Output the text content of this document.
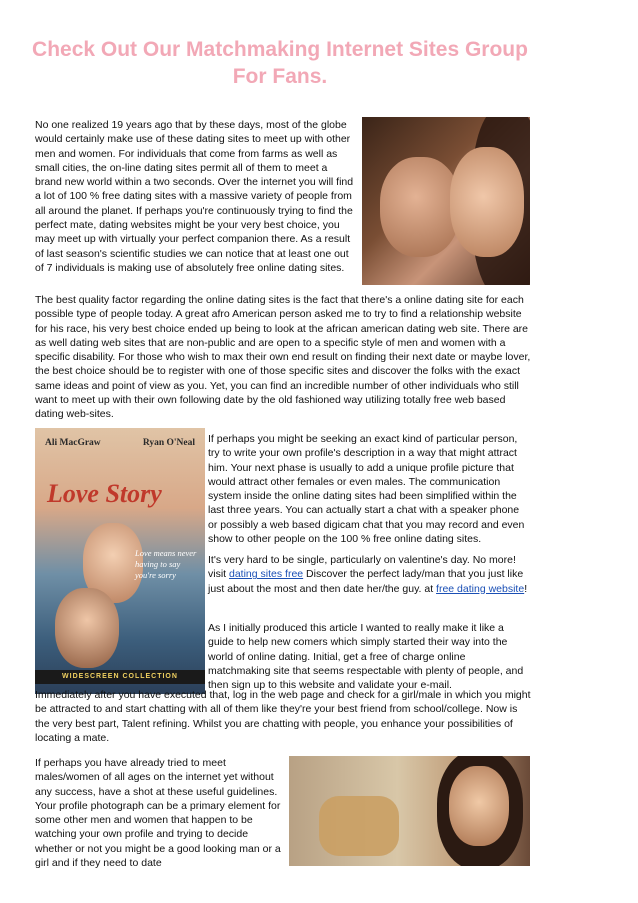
Check Out Our Matchmaking Internet Sites Group For Fans.

No one realized 19 years ago that by these days, most of the globe would certainly make use of these dating sites to meet up with other men and women. For individuals that come from farms as well as small cities, the on-line dating sites permit all of them to meet a brand new world within a two seconds. Over the internet you will find a lot of 100 % free dating sites with a massive variety of people from all around the planet. If perhaps you're continuously trying to find the perfect mate, dating websites might be your very best choice, you may meet up with virtually your perfect companion there. As a result of last season's scientific studies we can notice that at least one out of 7 individuals is making use of absolutely free online dating sites.

The best quality factor regarding the online dating sites is the fact that there's a online dating site for each possible type of people today. A great afro American person asked me to try to find a relationship website for his race, his very best choice ended up being to look at the african american dating web site. There are as well dating web sites that are non-public and are open to a specific style of men and women with a specific disability. For those who wish to max their own end result on finding their next date or maybe lover, the best choice should be to register with one of those specific sites and discover the folks with the exact same ideas and point of view as you. Yet, you can find an incredible number of other individuals who still want to meet up with their own following date by the old fashioned way utilizing totally free web based dating web-sites.

Ali MacGraw	Ryan O'Neal
Love Story
Love means never having to say you're sorry
WIDESCREEN COLLECTION

If perhaps you might be seeking an exact kind of particular person, try to write your own profile's description in a way that might attract him. Your next phase is usually to add a unique profile picture that would attract other females or even males. The communication system inside the online dating sites had been simplified within the last three years. You can actually start a chat with a speaker phone or possibly a web based digicam chat that you may record and even show to other people on the 100 % free online dating sites.

It's very hard to be single, particularly on valentine's day. No more! visit dating sites free Discover the perfect lady/man that you just like just about the most and then date her/the guy. at free dating website!

As I initially produced this article I wanted to really make it like a guide to help new comers which simply started their way into the world of online dating. Initial, get a free of charge online matchmaking site that seems respectable with plenty of people, and then sign up to this website and validate your e-mail.

Immediately after you have executed that, log in the web page and check for a girl/male in which you might be attracted to and start chatting with all of them like they're your best friend from school/college. Now is the very best part, Talent refining. Whilst you are chatting with people, you enhance your possibilities of locating a mate.

If perhaps you have already tried to meet males/women of all ages on the internet yet without any success, have a shot at these useful guidelines. Your profile photograph can be a primary element for some other men and women that happen to be watching your own profile and trying to decide whether or not you might be a good looking man or a girl and if they need to date
